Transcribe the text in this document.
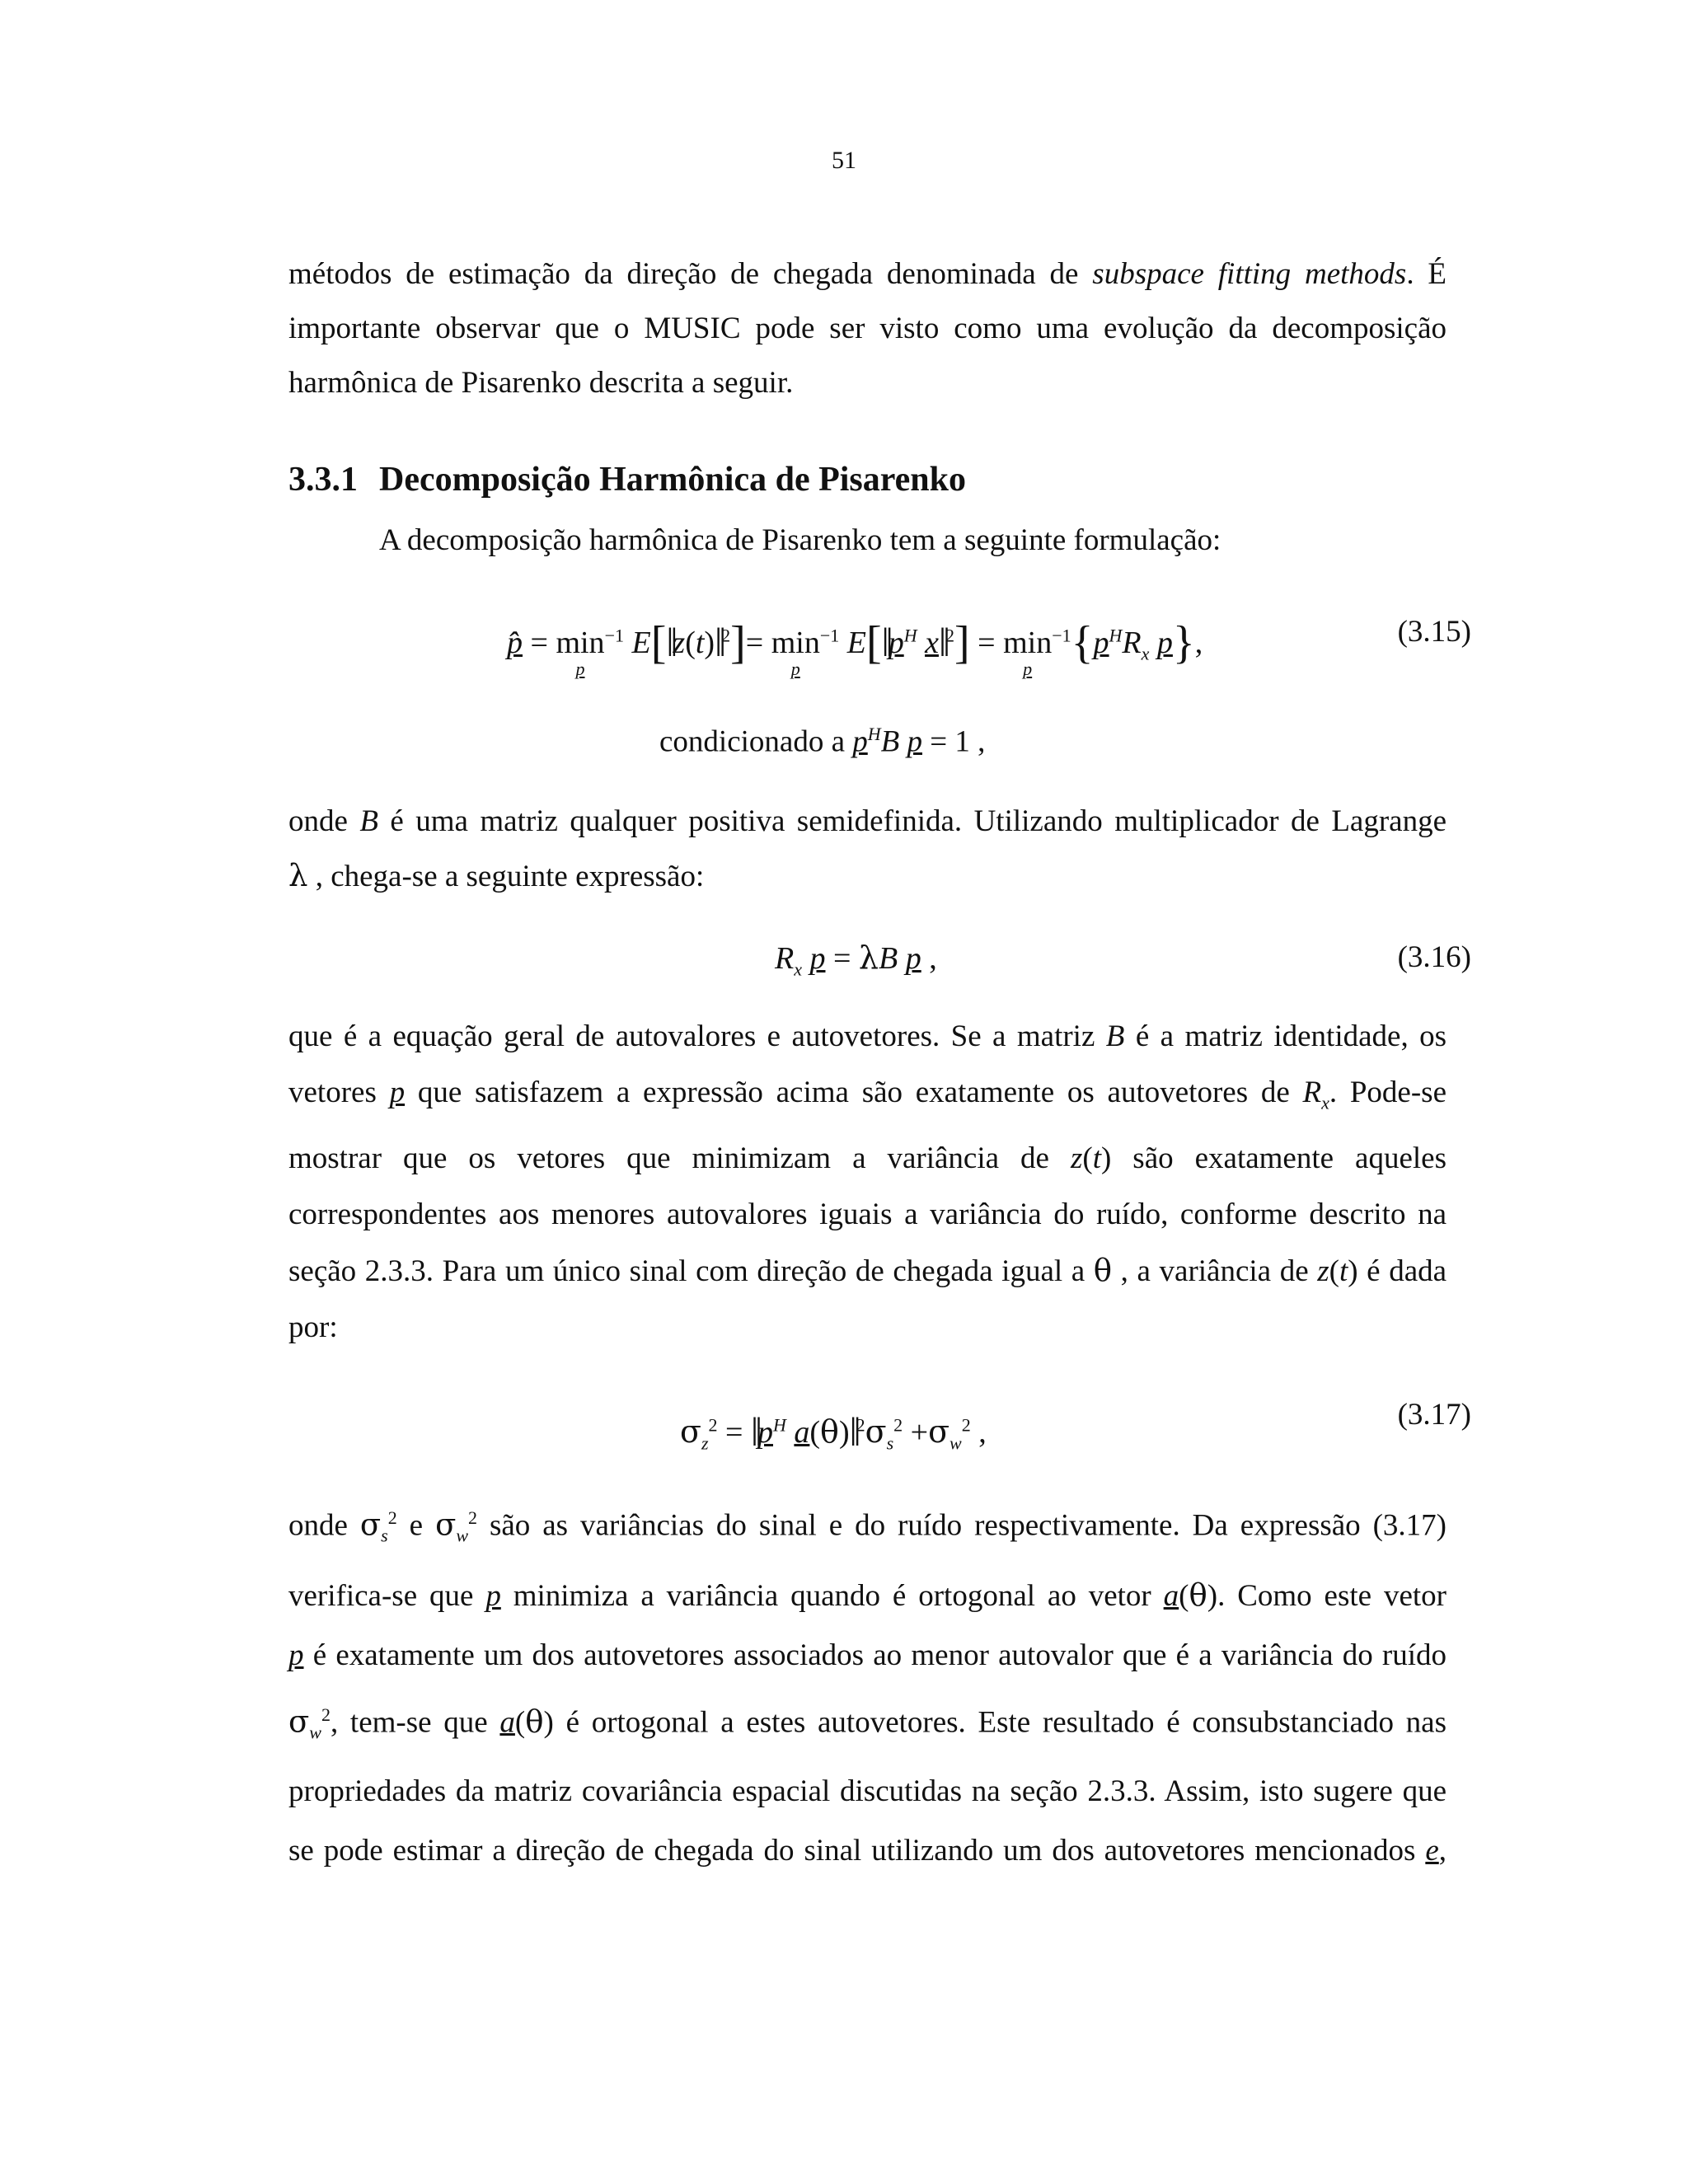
51
métodos de estimação da direção de chegada denominada de subspace fitting methods. É
importante observar que o MUSIC pode ser visto como uma evolução da decomposição
harmônica de Pisarenko descrita a seguir.
3.3.1 Decomposição Harmônica de Pisarenko
A decomposição harmônica de Pisarenko tem a seguinte formulação:
p̂ = min
p
$^{-1}$ E[‖z(t)‖$^2$]= min
p
$^{-1}$ $E[‖p^H$ x‖$^2$] = min
p
$^{-1}\{p^HR_x$ p},	(3.15)
condicionado a $p^HB$ p = 1 ,
onde B é uma matriz qualquer positiva semidefinida. Utilizando multiplicador de Lagrange
λ , chega-se a seguinte expressão:
$R_x$ p = λB p ,	(3.16)
que é a equação geral de autovalores e autovetores. Se a matriz B é a matriz identidade, os
vetores p que satisfazem a expressão acima são exatamente os autovetores de $R_x$. Pode-se
mostrar que os vetores que minimizam a variância de z(t) são exatamente aqueles
correspondentes aos menores autovalores iguais a variância do ruído, conforme descrito na
seção 2.3.3. Para um único sinal com direção de chegada igual a θ , a variância de z(t) é dada
por:
$\sigma_z^2$ = $‖p^H$ $a(\theta)‖^2\sigma_s^2 +\sigma_w^2$ ,
(3.17)
onde $\sigma_s^2$ e $\sigma_w^2$ são as variâncias do sinal e do ruído respectivamente. Da expressão (3.17)
verifica-se que p minimiza a variância quando é ortogonal ao vetor a(θ). Como este vetor
p é exatamente um dos autovetores associados ao menor autovalor que é a variância do ruído
$\sigma_w^2$, tem-se que a(θ) é ortogonal a estes autovetores. Este resultado é consubstanciado nas
propriedades da matriz covariância espacial discutidas na seção 2.3.3. Assim, isto sugere que
se pode estimar a direção de chegada do sinal utilizando um dos autovetores mencionados e,
